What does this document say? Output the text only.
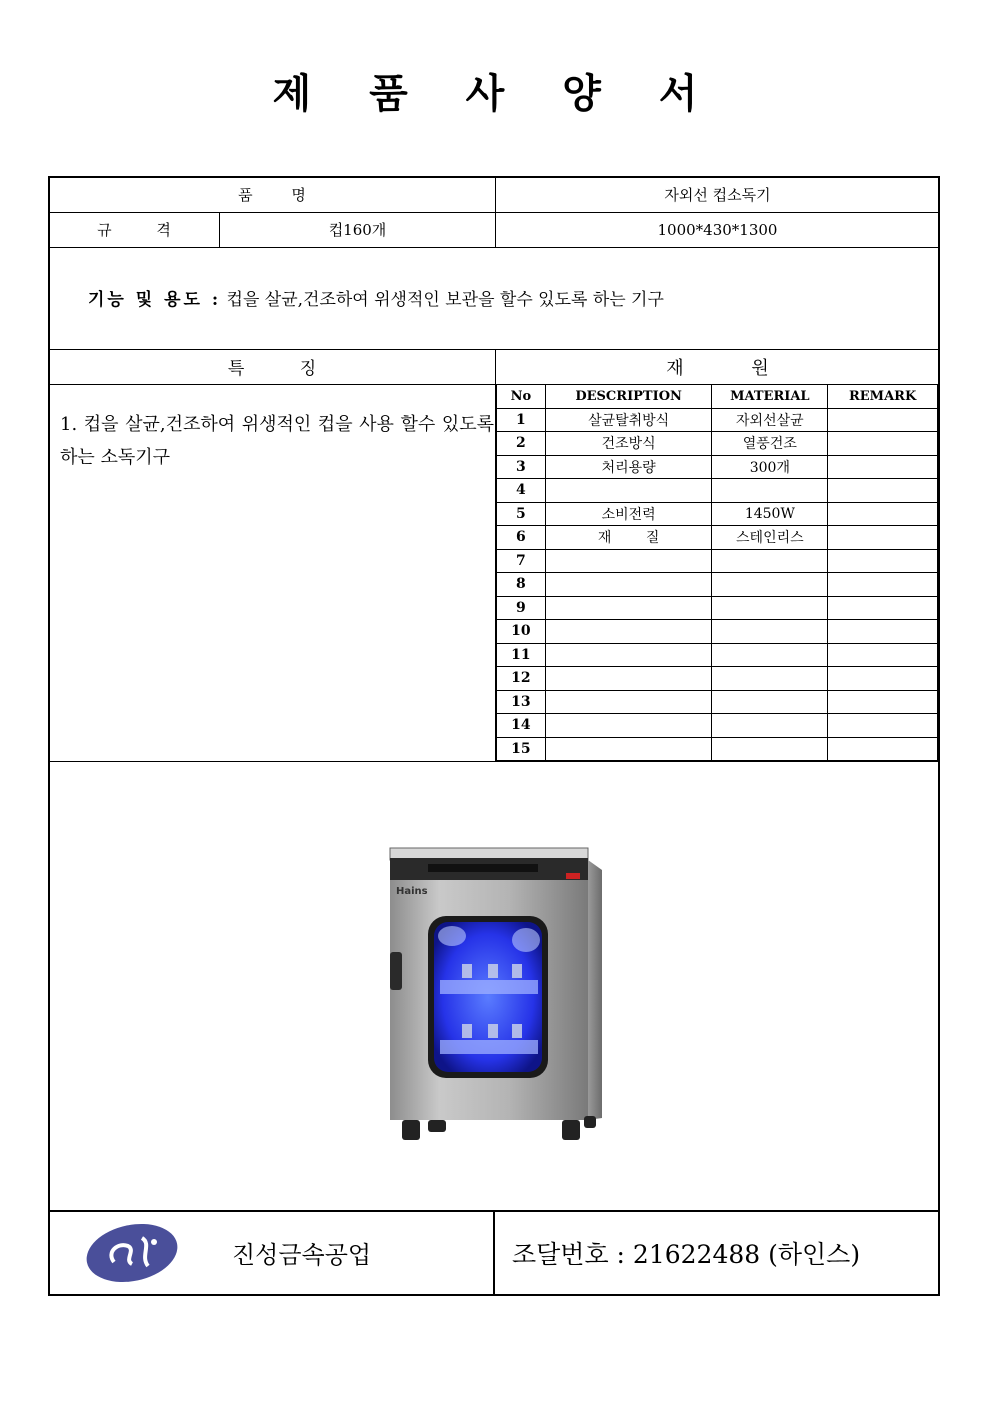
제 품 사 양 서
품 명	자외선 컵소독기
규 격	컵160개	1000*430*1300
기능 및 용도 : 컵을 살균,건조하여 위생적인 보관을 할수 있도록 하는 기구
특 징	재 원
1. 컵을 살균,건조하여 위생적인 컵을 사용 할수 있도록 하는 소독기구
No	DESCRIPTION	MATERIAL	REMARK
1	살균탈취방식	자외선살균	
2	건조방식	열풍건조	
3	처리용량	300개	
4			
5	소비전력	1450W	
6	재 질	스테인리스	
7			
8			
9			
10			
11			
12			
13			
14			
15			
Hains
진성금속공업	조달번호 : 21622488 (하인스)
